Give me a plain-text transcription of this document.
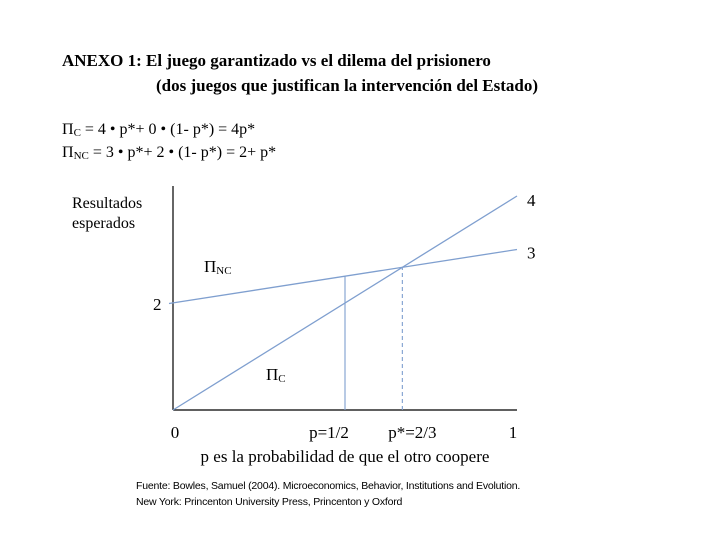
ANEXO 1: El juego garantizado vs el dilema del prisionero
(dos juegos que justifican la intervención del Estado)
$\Pi_C = 4$ • p*+ 0 • (1- p*) = 4p*
$\Pi_{NC} = 3$ • p*+ 2 • (1- p*) = 2+ p*
Resultados esperados
4
3
2
ΠNC
ΠC
0	p=1/2 p*=2/3	1
p es la probabilidad de que el otro coopere
Fuente: Bowles, Samuel (2004). Microeconomics, Behavior, Institutions and Evolution.
New York: Princenton University Press, Princenton y Oxford
